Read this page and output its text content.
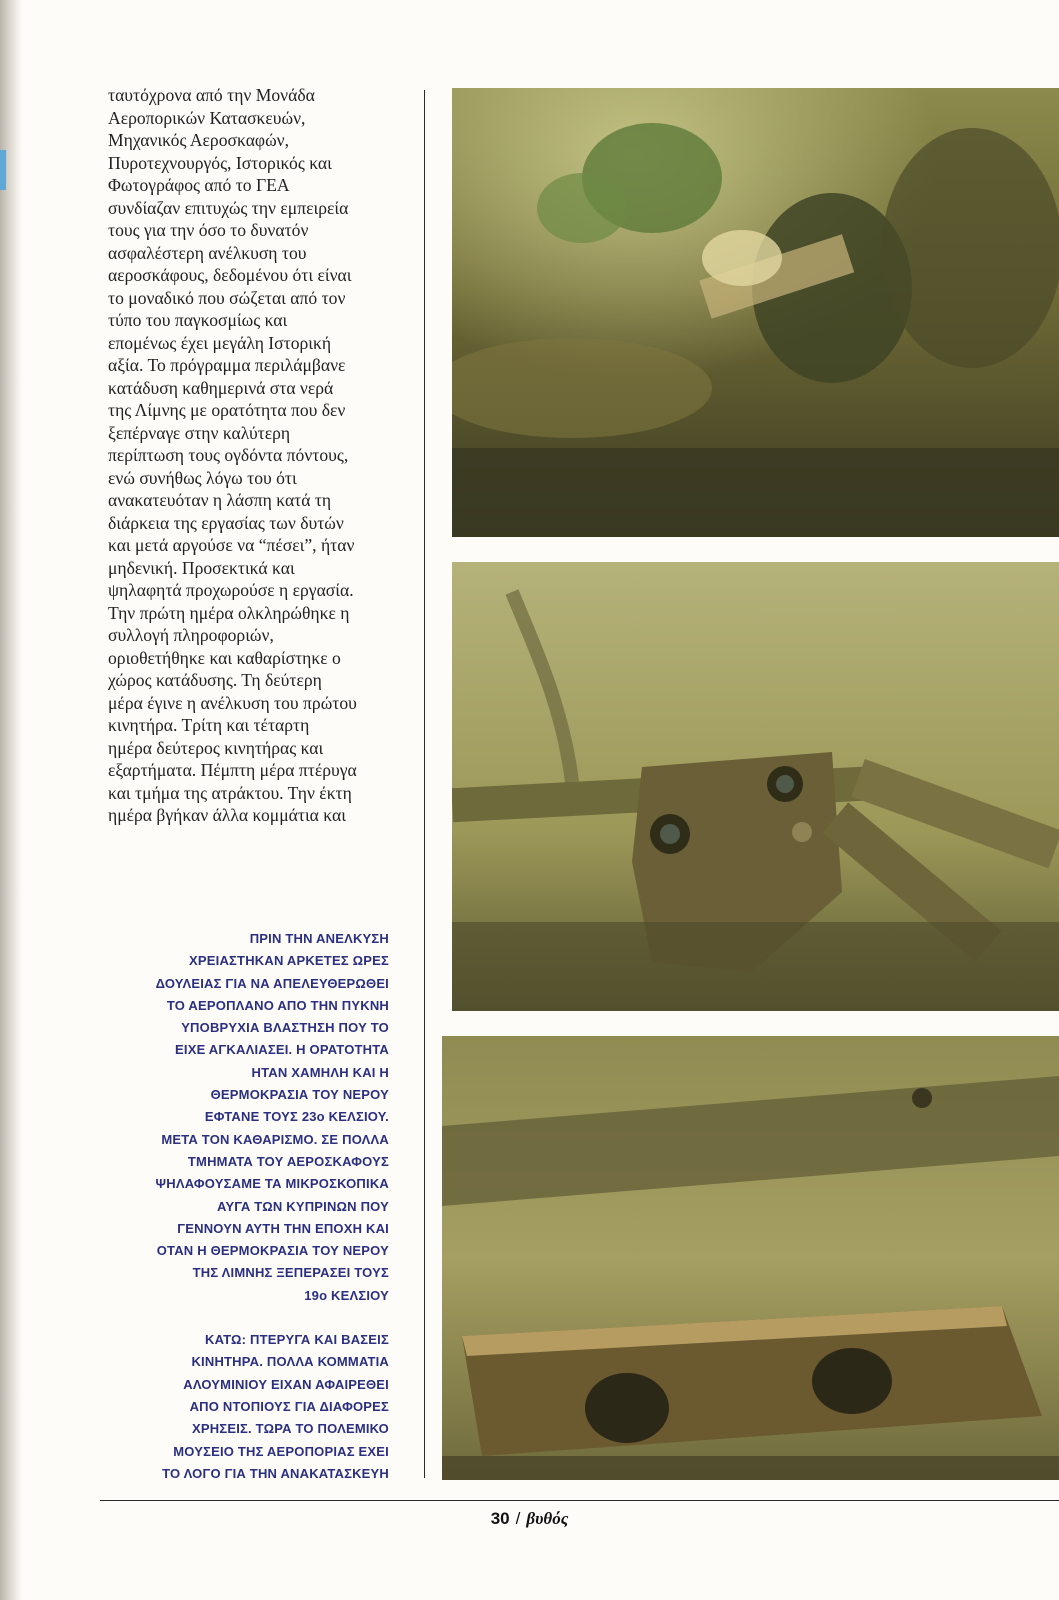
ταυτόχρονα από την Μονάδα
Αεροπορικών Κατασκευών,
Μηχανικός Αεροσκαφών,
Πυροτεχνουργός, Ιστορικός και
Φωτογράφος από το ΓΕΑ
συνδίαζαν επιτυχώς την εμπειρεία
τους για την όσο το δυνατόν
ασφαλέστερη ανέλκυση του
αεροσκάφους, δεδομένου ότι είναι
το μοναδικό που σώζεται από τον
τύπο του παγκοσμίως και
επομένως έχει μεγάλη Ιστορική
αξία. Το πρόγραμμα περιλάμβανε
κατάδυση καθημερινά στα νερά
της Λίμνης με ορατότητα που δεν
ξεπέρναγε στην καλύτερη
περίπτωση τους ογδόντα πόντους,
ενώ συνήθως λόγω του ότι
ανακατευόταν η λάσπη κατά τη
διάρκεια της εργασίας των δυτών
και μετά αργούσε να “πέσει”, ήταν
μηδενική. Προσεκτικά και
ψηλαφητά προχωρούσε η εργασία.
Την πρώτη ημέρα ολκληρώθηκε η
συλλογή πληροφοριών,
οριοθετήθηκε και καθαρίστηκε ο
χώρος κατάδυσης. Τη δεύτερη
μέρα έγινε η ανέλκυση του πρώτου
κινητήρα. Τρίτη και τέταρτη
ημέρα δεύτερος κινητήρας και
εξαρτήματα. Πέμπτη μέρα πτέρυγα
και τμήμα της ατράκτου. Την έκτη
ημέρα βγήκαν άλλα κομμάτια και
ΠΡΙΝ ΤΗΝ ΑΝΕΛΚΥΣΗ
ΧΡΕΙΑΣΤΗΚΑΝ ΑΡΚΕΤΕΣ ΩΡΕΣ
ΔΟΥΛΕΙΑΣ ΓΙΑ ΝΑ ΑΠΕΛΕΥΘΕΡΩΘΕΙ
ΤΟ ΑΕΡΟΠΛΑΝΟ ΑΠΟ ΤΗΝ ΠΥΚΝΗ
ΥΠΟΒΡΥΧΙΑ ΒΛΑΣΤΗΣΗ ΠΟΥ ΤΟ
ΕΙΧΕ ΑΓΚΑΛΙΑΣΕΙ. Η ΟΡΑΤΟΤΗΤΑ
ΗΤΑΝ ΧΑΜΗΛΗ ΚΑΙ Η
ΘΕΡΜΟΚΡΑΣΙΑ ΤΟΥ ΝΕΡΟΥ
ΕΦΤΑΝΕ ΤΟΥΣ 23ο ΚΕΛΣΙΟΥ.
ΜΕΤΑ ΤΟΝ ΚΑΘΑΡΙΣΜΟ. ΣΕ ΠΟΛΛΑ
ΤΜΗΜΑΤΑ ΤΟΥ ΑΕΡΟΣΚΑΦΟΥΣ
ΨΗΛΑΦΟΥΣΑΜΕ ΤΑ ΜΙΚΡΟΣΚΟΠΙΚΑ
ΑΥΓΑ ΤΩΝ ΚΥΠΡΙΝΩΝ ΠΟΥ
ΓΕΝΝΟΥΝ ΑΥΤΗ ΤΗΝ ΕΠΟΧΗ ΚΑΙ
ΟΤΑΝ Η ΘΕΡΜΟΚΡΑΣΙΑ ΤΟΥ ΝΕΡΟΥ
ΤΗΣ ΛΙΜΝΗΣ ΞΕΠΕΡΑΣΕΙ ΤΟΥΣ
19ο ΚΕΛΣΙΟΥ
ΚΑΤΩ: ΠΤΕΡΥΓΑ ΚΑΙ ΒΑΣΕΙΣ
ΚΙΝΗΤΗΡΑ. ΠΟΛΛΑ ΚΟΜΜΑΤΙΑ
ΑΛΟΥΜΙΝΙΟΥ ΕΙΧΑΝ ΑΦΑΙΡΕΘΕΙ
ΑΠΟ ΝΤΟΠΙΟΥΣ ΓΙΑ ΔΙΑΦΟΡΕΣ
ΧΡΗΣΕΙΣ. ΤΩΡΑ ΤΟ ΠΟΛΕΜΙΚΟ
ΜΟΥΣΕΙΟ ΤΗΣ ΑΕΡΟΠΟΡΙΑΣ ΕΧΕΙ
ΤΟ ΛΟΓΟ ΓΙΑ ΤΗΝ ΑΝΑΚΑΤΑΣΚΕΥΗ
30 / βυθός
